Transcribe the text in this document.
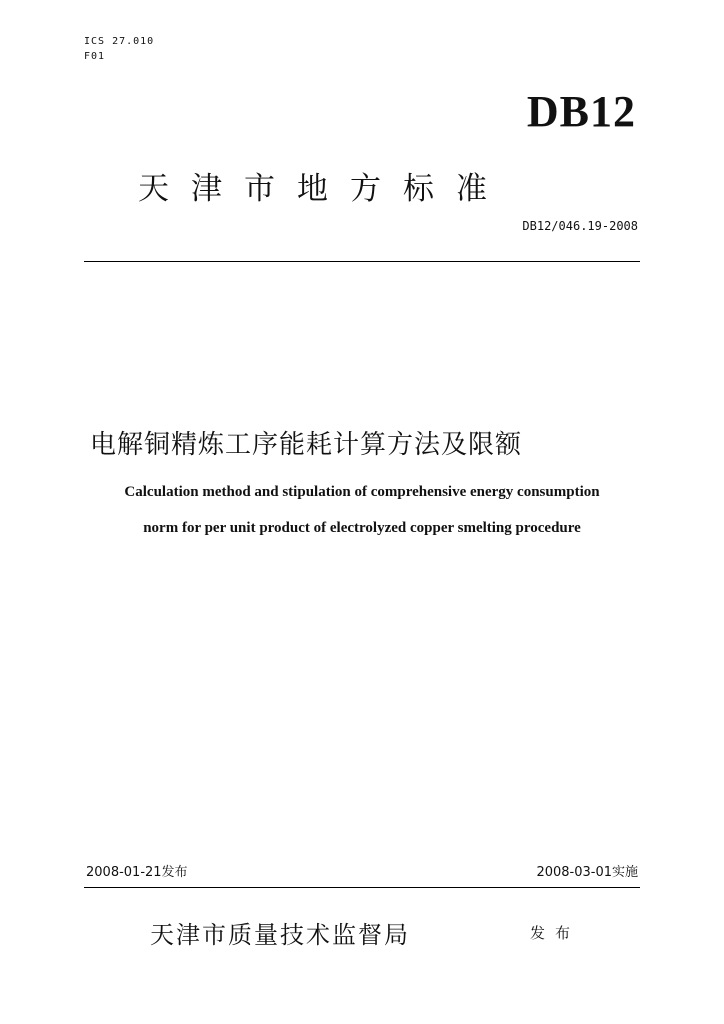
ICS 27.010
F01
DB12
天津市地方标准
DB12/046.19-2008
电解铜精炼工序能耗计算方法及限额
Calculation method and stipulation of comprehensive energy consumption
norm for per unit product of electrolyzed copper smelting procedure
2008-01-21发布	2008-03-01实施
天津市质量技术监督局	发布
